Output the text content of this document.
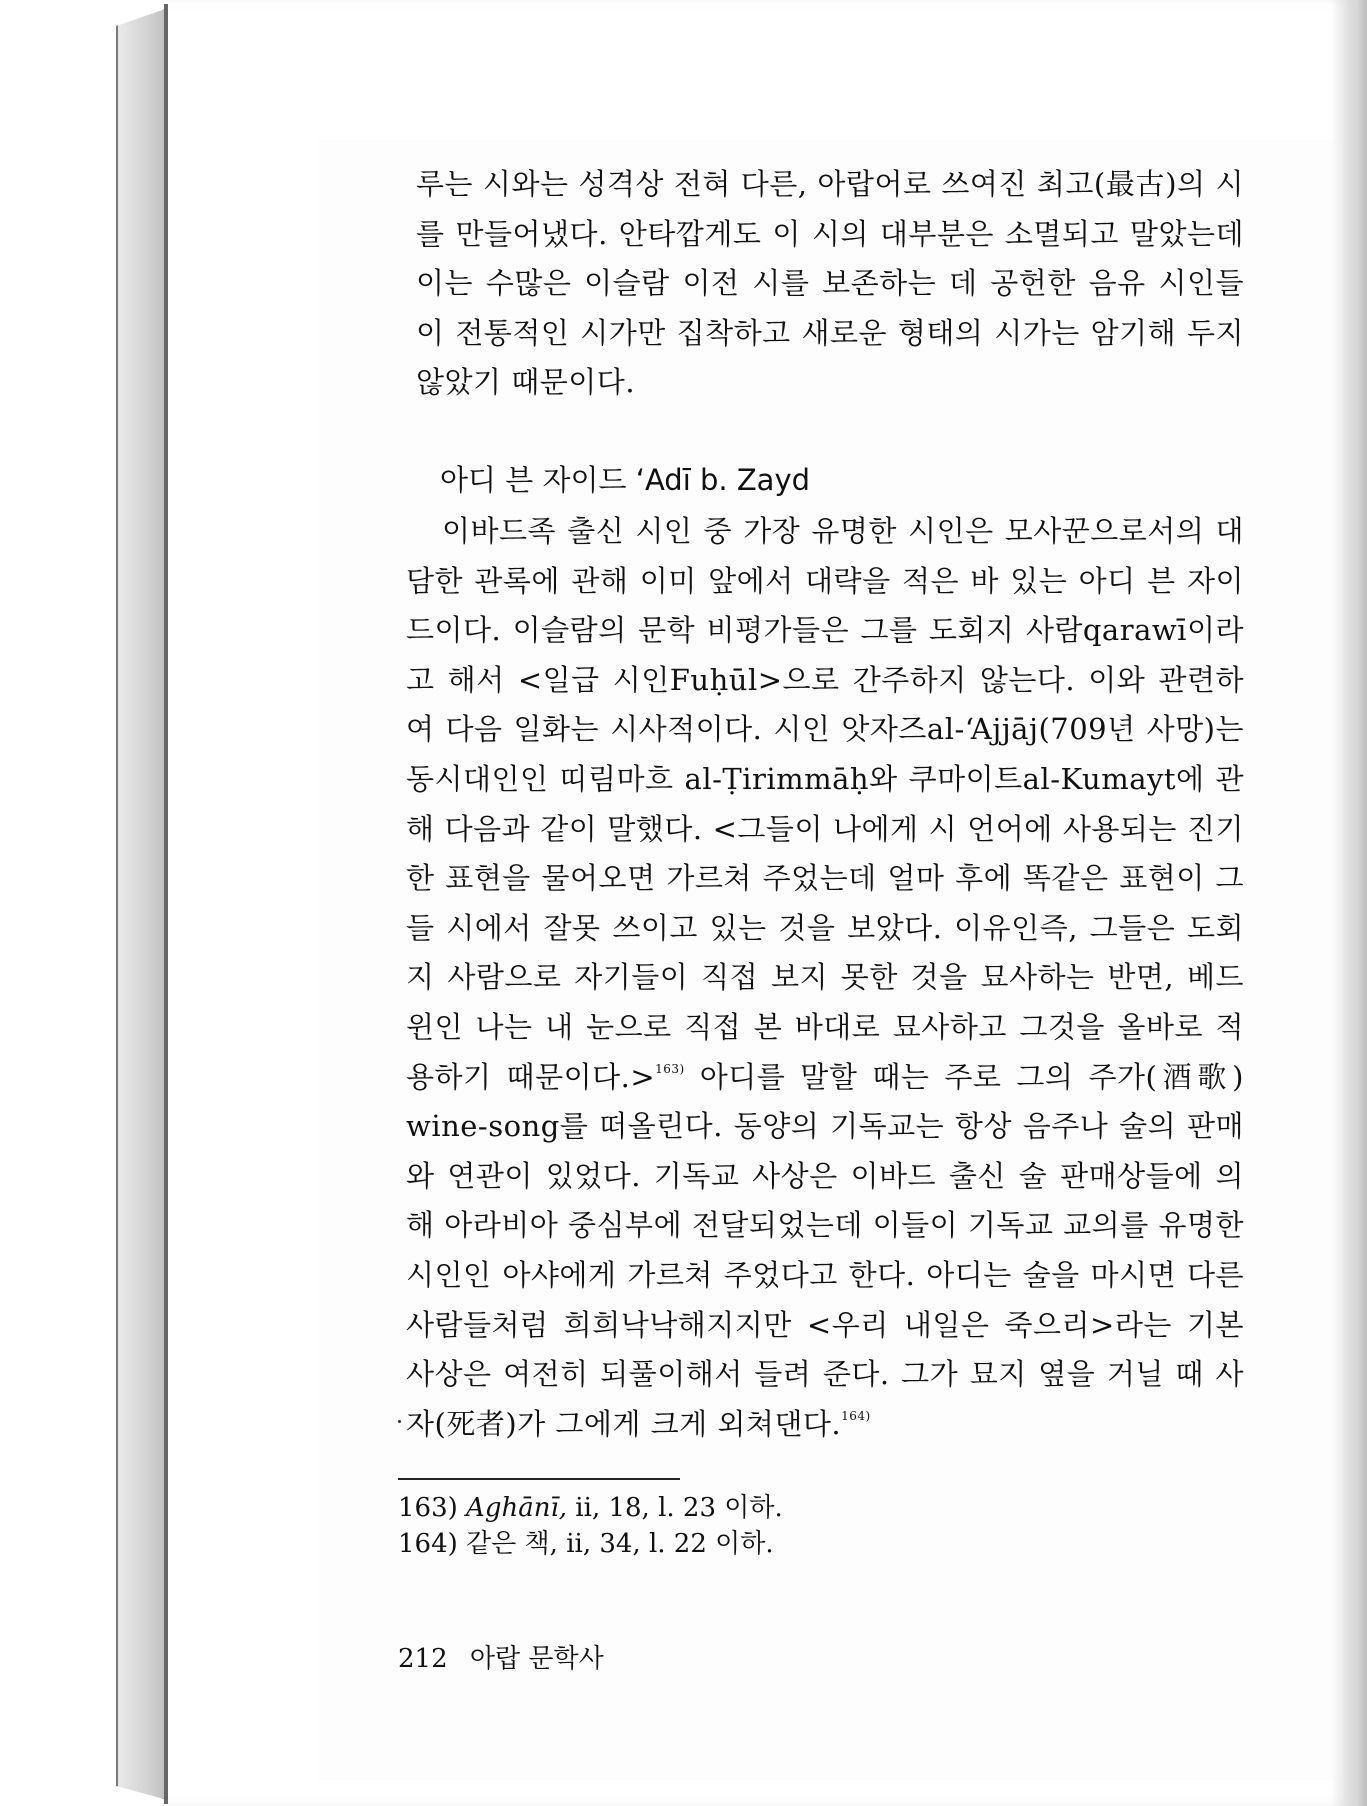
루는 시와는 성격상 전혀 다른, 아랍어로 쓰여진 최고(最古)의 시를 만들어냈다. 안타깝게도 이 시의 대부분은 소멸되고 말았는데 이는 수많은 이슬람 이전 시를 보존하는 데 공헌한 음유 시인들이 전통적인 시가만 집착하고 새로운 형태의 시가는 암기해 두지 않았기 때문이다.
아디 븐 자이드 ‘Adī b. Zayd
이바드족 출신 시인 중 가장 유명한 시인은 모사꾼으로서의 대담한 관록에 관해 이미 앞에서 대략을 적은 바 있는 아디 븐 자이드이다. 이슬람의 문학 비평가들은 그를 도회지 사람qarawī이라고 해서 <일급 시인Fuḥūl>으로 간주하지 않는다. 이와 관련하여 다음 일화는 시사적이다. 시인 앗자즈al-‘Ajjāj(709년 사망)는 동시대인인 띠림마흐 al-Ṭirimmāḥ와 쿠마이트al-Kumayt에 관해 다음과 같이 말했다. <그들이 나에게 시 언어에 사용되는 진기한 표현을 물어오면 가르쳐 주었는데 얼마 후에 똑같은 표현이 그들 시에서 잘못 쓰이고 있는 것을 보았다. 이유인즉, 그들은 도회지 사람으로 자기들이 직접 보지 못한 것을 묘사하는 반면, 베드윈인 나는 내 눈으로 직접 본 바대로 묘사하고 그것을 올바로 적용하기 때문이다.>$^{163)}$ 아디를 말할 때는 주로 그의 주가(酒歌) wine-song를 떠올린다. 동양의 기독교는 항상 음주나 술의 판매와 연관이 있었다. 기독교 사상은 이바드 출신 술 판매상들에 의해 아라비아 중심부에 전달되었는데 이들이 기독교 교의를 유명한 시인인 아샤에게 가르쳐 주었다고 한다. 아디는 술을 마시면 다른 사람들처럼 희희낙낙해지지만 <우리 내일은 죽으리>라는 기본 사상은 여전히 되풀이해서 들려 준다. 그가 묘지 옆을 거닐 때 사자(死者)가 그에게 크게 외쳐댄다.$^{164)}$
163) Aghānī, ii, 18, l. 23 이하.
164) 같은 책, ii, 34, l. 22 이하.
212 아랍 문학사
